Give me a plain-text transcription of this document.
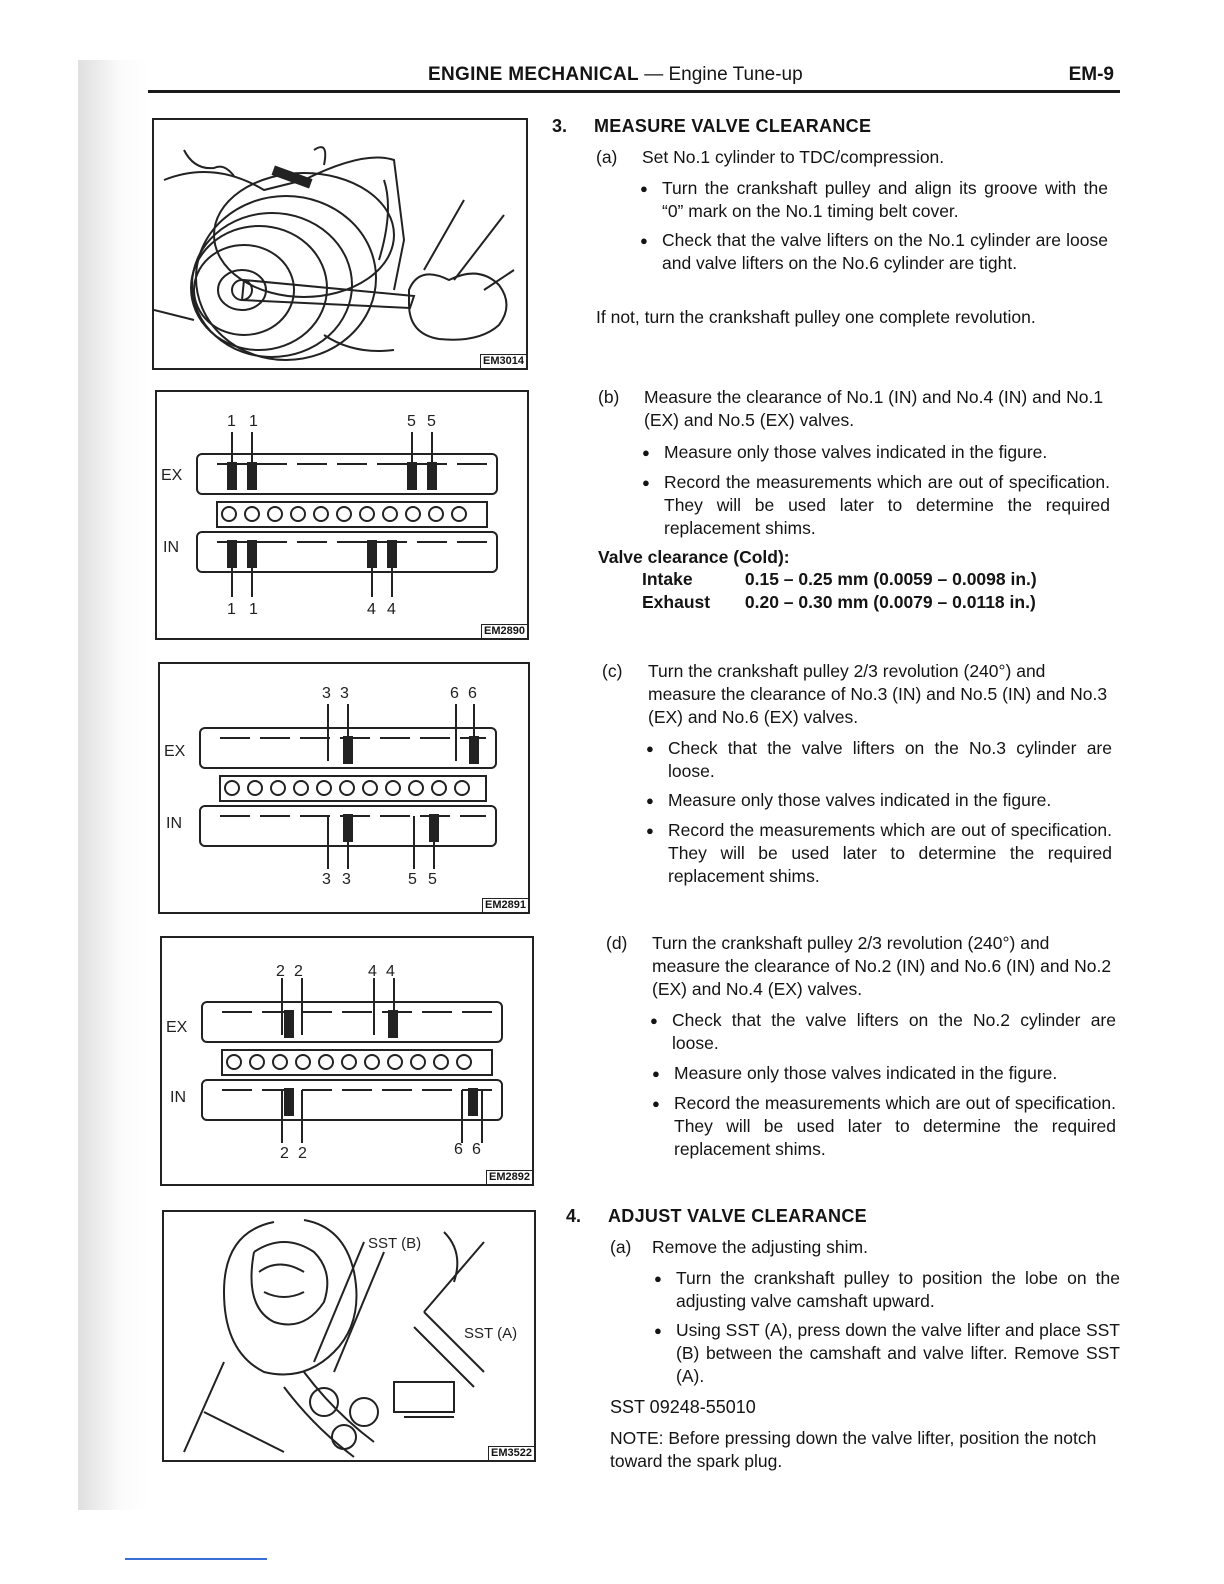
ENGINE MECHANICAL — Engine Tune-up	EM-9
EM3014
EX
IN
1 1	5 5
1 1	4 4
EM2890
EX
IN
3 3	6 6
3 3	5 5
EM2891
EX
IN
2 2	4 4
2 2	6 6
EM2892
SST (B)
SST (A)
EM3522
3. MEASURE VALVE CLEARANCE
(a) Set No.1 cylinder to TDC/compression.
● Turn the crankshaft pulley and align its groove with the “0” mark on the No.1 timing belt cover.
● Check that the valve lifters on the No.1 cylinder are loose and valve lifters on the No.6 cylinder are tight.
If not, turn the crankshaft pulley one complete revolution.
(b) Measure the clearance of No.1 (IN) and No.4 (IN) and No.1 (EX) and No.5 (EX) valves.
● Measure only those valves indicated in the figure.
● Record the measurements which are out of specification. They will be used later to determine the required replacement shims.
Valve clearance (Cold):
Intake	0.15 – 0.25 mm (0.0059 – 0.0098 in.)
Exhaust 0.20 – 0.30 mm (0.0079 – 0.0118 in.)
(c) Turn the crankshaft pulley 2/3 revolution (240°) and measure the clearance of No.3 (IN) and No.5 (IN) and No.3 (EX) and No.6 (EX) valves.
● Check that the valve lifters on the No.3 cylinder are loose.
● Measure only those valves indicated in the figure.
● Record the measurements which are out of specification. They will be used later to determine the required replacement shims.
(d) Turn the crankshaft pulley 2/3 revolution (240°) and measure the clearance of No.2 (IN) and No.6 (IN) and No.2 (EX) and No.4 (EX) valves.
● Check that the valve lifters on the No.2 cylinder are loose.
● Measure only those valves indicated in the figure.
● Record the measurements which are out of specification. They will be used later to determine the required replacement shims.
4. ADJUST VALVE CLEARANCE
(a) Remove the adjusting shim.
● Turn the crankshaft pulley to position the lobe on the adjusting valve camshaft upward.
● Using SST (A), press down the valve lifter and place SST (B) between the camshaft and valve lifter. Remove SST (A).
SST 09248-55010
NOTE: Before pressing down the valve lifter, position the notch toward the spark plug.
